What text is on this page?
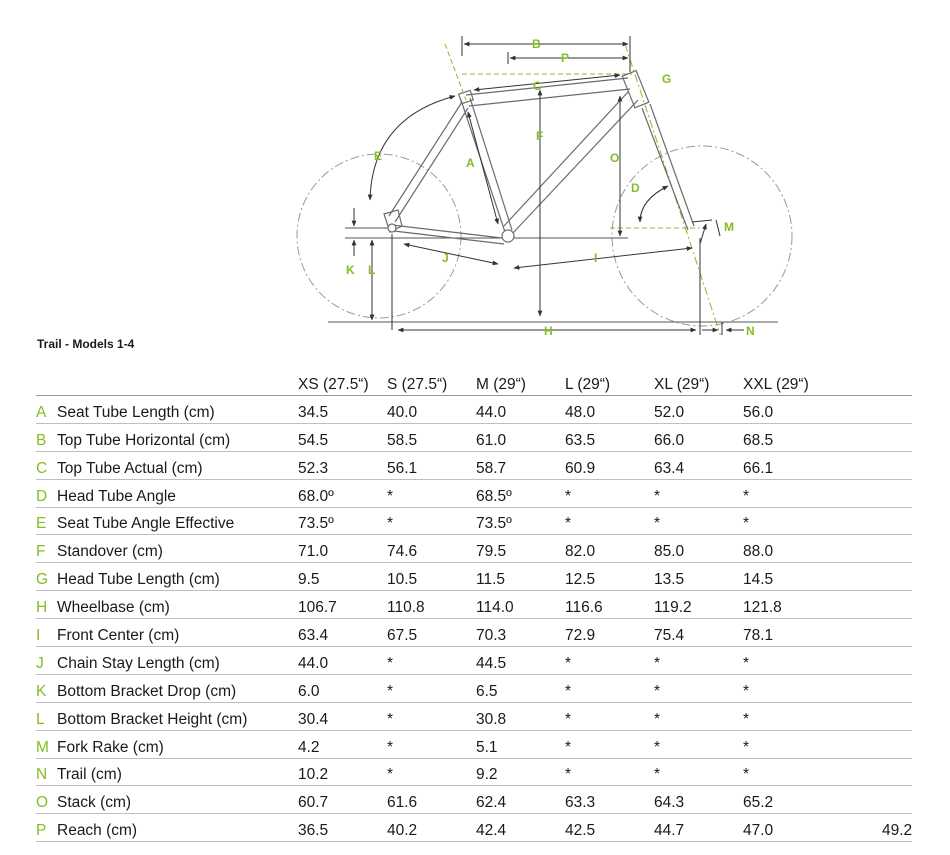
B
P
C	G
F
E	A	O
D
M
J	I
K L
H	N
Trail - Models 1-4
		XS (27.5“)	S (27.5“)	M (29“)	L (29“)	XL (29“)	XXL (29“)	
A	Seat Tube Length (cm)	34.5	40.0	44.0	48.0	52.0	56.0	
B	Top Tube Horizontal (cm)	54.5	58.5	61.0	63.5	66.0	68.5	
C	Top Tube Actual (cm)	52.3	56.1	58.7	60.9	63.4	66.1	
D	Head Tube Angle	68.0º	*	68.5º	*	*	*	
E	Seat Tube Angle Effective	73.5º	*	73.5º	*	*	*	
F	Standover (cm)	71.0	74.6	79.5	82.0	85.0	88.0	
G	Head Tube Length (cm)	9.5	10.5	11.5	12.5	13.5	14.5	
H	Wheelbase (cm)	106.7	110.8	114.0	116.6	119.2	121.8	
I	Front Center (cm)	63.4	67.5	70.3	72.9	75.4	78.1	
J	Chain Stay Length (cm)	44.0	*	44.5	*	*	*	
K	Bottom Bracket Drop (cm)	6.0	*	6.5	*	*	*	
L	Bottom Bracket Height (cm)	30.4	*	30.8	*	*	*	
M	Fork Rake (cm)	4.2	*	5.1	*	*	*	
N	Trail (cm)	10.2	*	9.2	*	*	*	
O	Stack (cm)	60.7	61.6	62.4	63.3	64.3	65.2	
P	Reach (cm)	36.5	40.2	42.4	42.5	44.7	47.0	49.2
